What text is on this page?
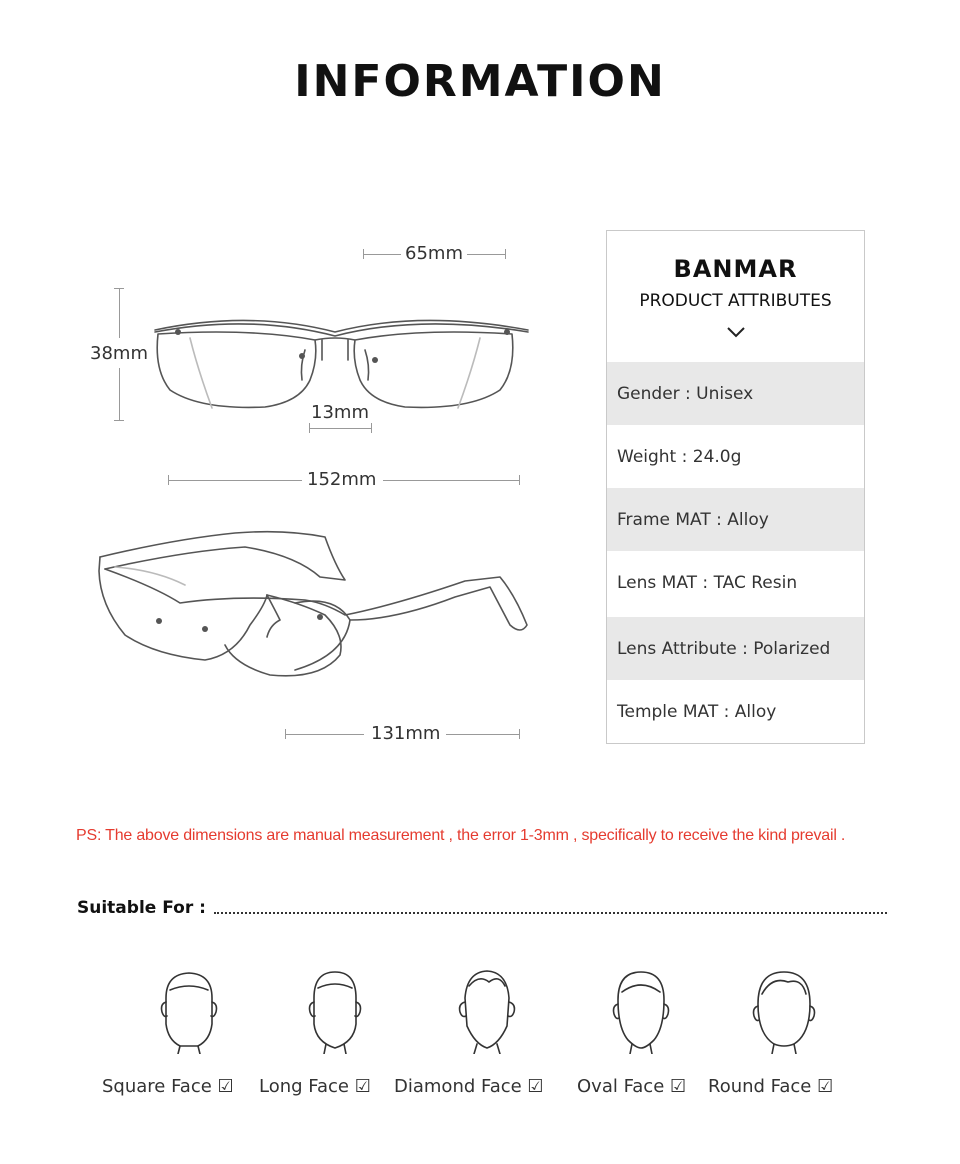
INFORMATION
65mm
38mm
13mm
152mm
131mm
BANMAR
PRODUCT ATTRIBUTES
Gender : Unisex
Weight : 24.0g
Frame MAT : Alloy
Lens MAT : TAC Resin
Lens Attribute : Polarized
Temple MAT : Alloy
PS: The above dimensions are manual measurement , the error 1-3mm , specifically to receive the kind prevail .
Suitable For :
Square Face ☑ Long Face ☑ Diamond Face ☑ Oval Face ☑ Round Face ☑
